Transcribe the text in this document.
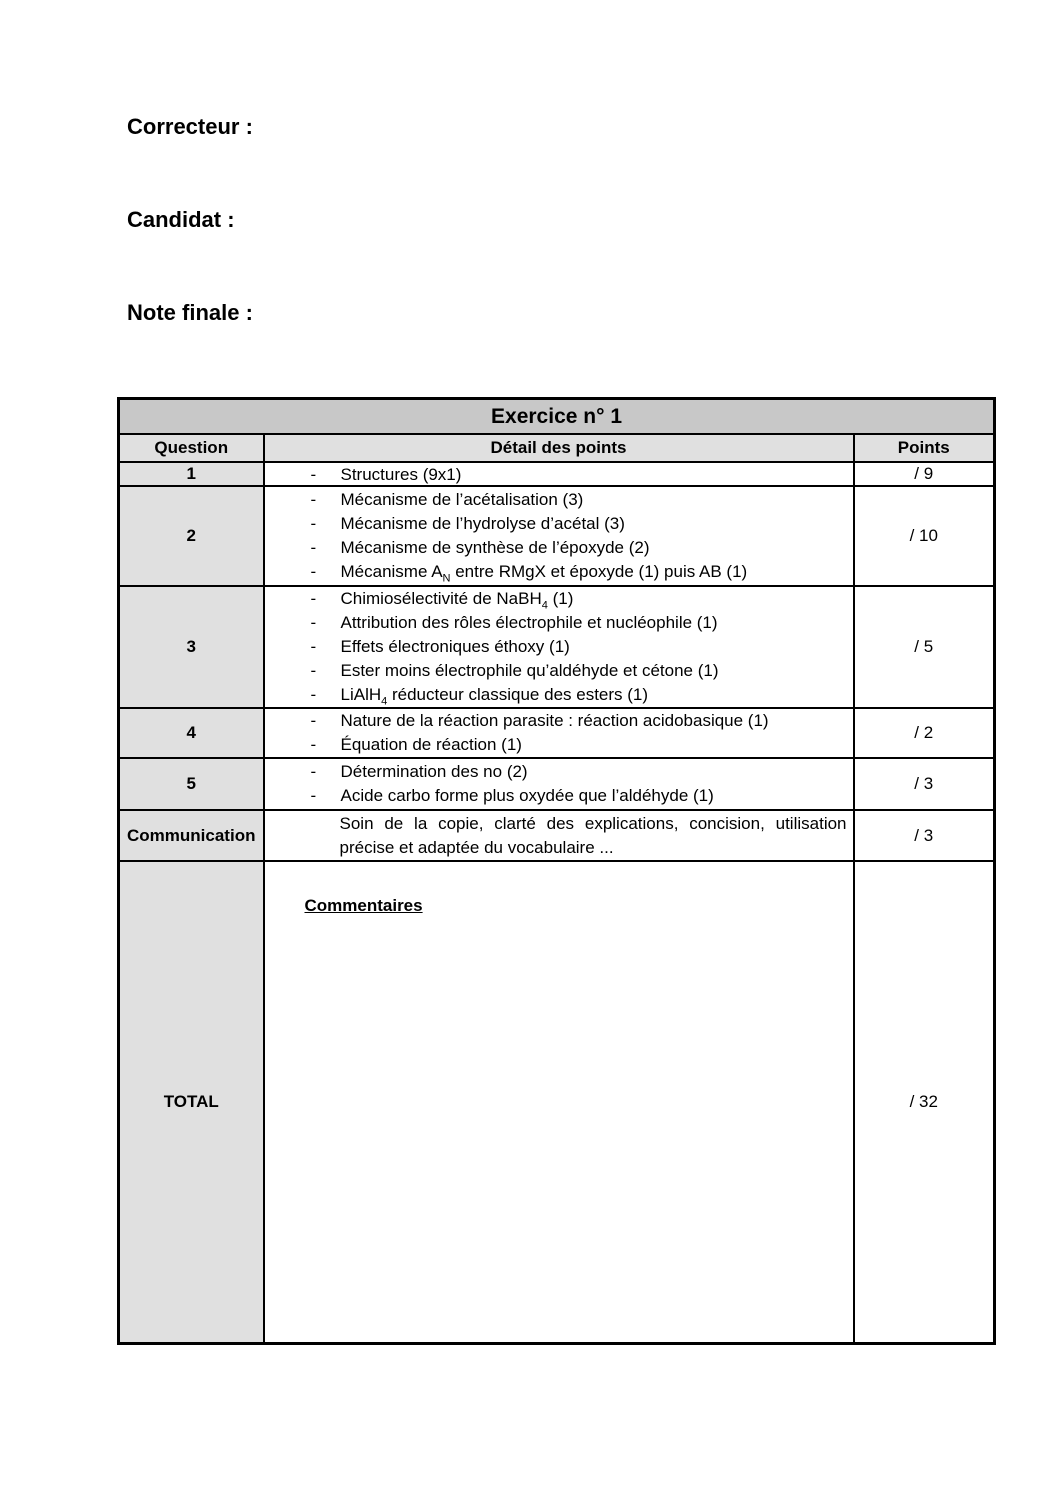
Correcteur :
Candidat :
Note finale :
Exercice n° 1		
Question	Détail des points	Points
1	- Structures (9x1)	/ 9
2	
-	Mécanisme de l’acétalisation (3)
-	Mécanisme de l’hydrolyse d’acétal (3)
-	Mécanisme de synthèse de l’époxyde (2)
-	Mécanisme $A_N$ entre RMgX et époxyde (1) puis AB (1)
	/ 10
3	
-	Chimiosélectivité de NaBH$_4$ (1)
-	Attribution des rôles électrophile et nucléophile (1)
-	Effets électroniques éthoxy (1)
-	Ester moins électrophile qu’aldéhyde et cétone (1)
-	LiAlH$_4$ réducteur classique des esters (1)
	/ 5
4	- Nature de la réaction parasite : réaction acidobasique (1)
- Équation de réaction (1)	/ 2
5	- Détermination des no (2)
- Acide carbo forme plus oxydée que l’aldéhyde (1)	/ 3
Communication	Soin de la copie, clarté des explications, concision, utilisation précise et adaptée du vocabulaire ...	/ 3
TOTAL	Commentaires	/ 32
